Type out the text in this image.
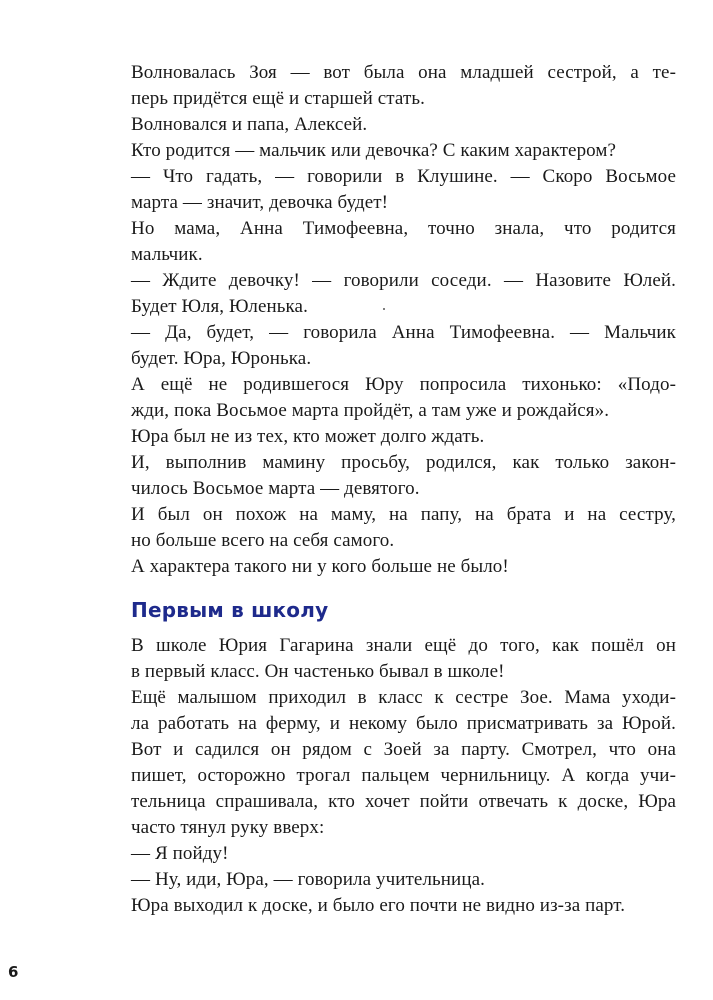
Волновалась Зоя — вот была она младшей сестрой, а те-
перь придётся ещё и старшей стать.

Волновался и папа, Алексей.

Кто родится — мальчик или девочка? С каким характером?

— Что гадать, — говорили в Клушине. — Скоро Восьмое
марта — значит, девочка будет!

Но мама, Анна Тимофеевна, точно знала, что родится
мальчик.

— Ждите девочку! — говорили соседи. — Назовите Юлей.
Будет Юля, Юленька.

— Да, будет, — говорила Анна Тимофеевна. — Мальчик
будет. Юра, Юронька.

А ещё не родившегося Юру попросила тихонько: «Подо-
жди, пока Восьмое марта пройдёт, а там уже и рождайся».

Юра был не из тех, кто может долго ждать.

И, выполнив мамину просьбу, родился, как только закон-
чилось Восьмое марта — девятого.

И был он похож на маму, на папу, на брата и на сестру,
но больше всего на себя самого.

А характера такого ни у кого больше не было!

Первым в школу

В школе Юрия Гагарина знали ещё до того, как пошёл он
в первый класс. Он частенько бывал в школе!

Ещё малышом приходил в класс к сестре Зое. Мама уходи-
ла работать на ферму, и некому было присматривать за Юрой.
Вот и садился он рядом с Зоей за парту. Смотрел, что она
пишет, осторожно трогал пальцем чернильницу. А когда учи-
тельница спрашивала, кто хочет пойти отвечать к доске, Юра
часто тянул руку вверх:

— Я пойду!

— Ну, иди, Юра, — говорила учительница.

Юра выходил к доске, и было его почти не видно из-за парт.

6
